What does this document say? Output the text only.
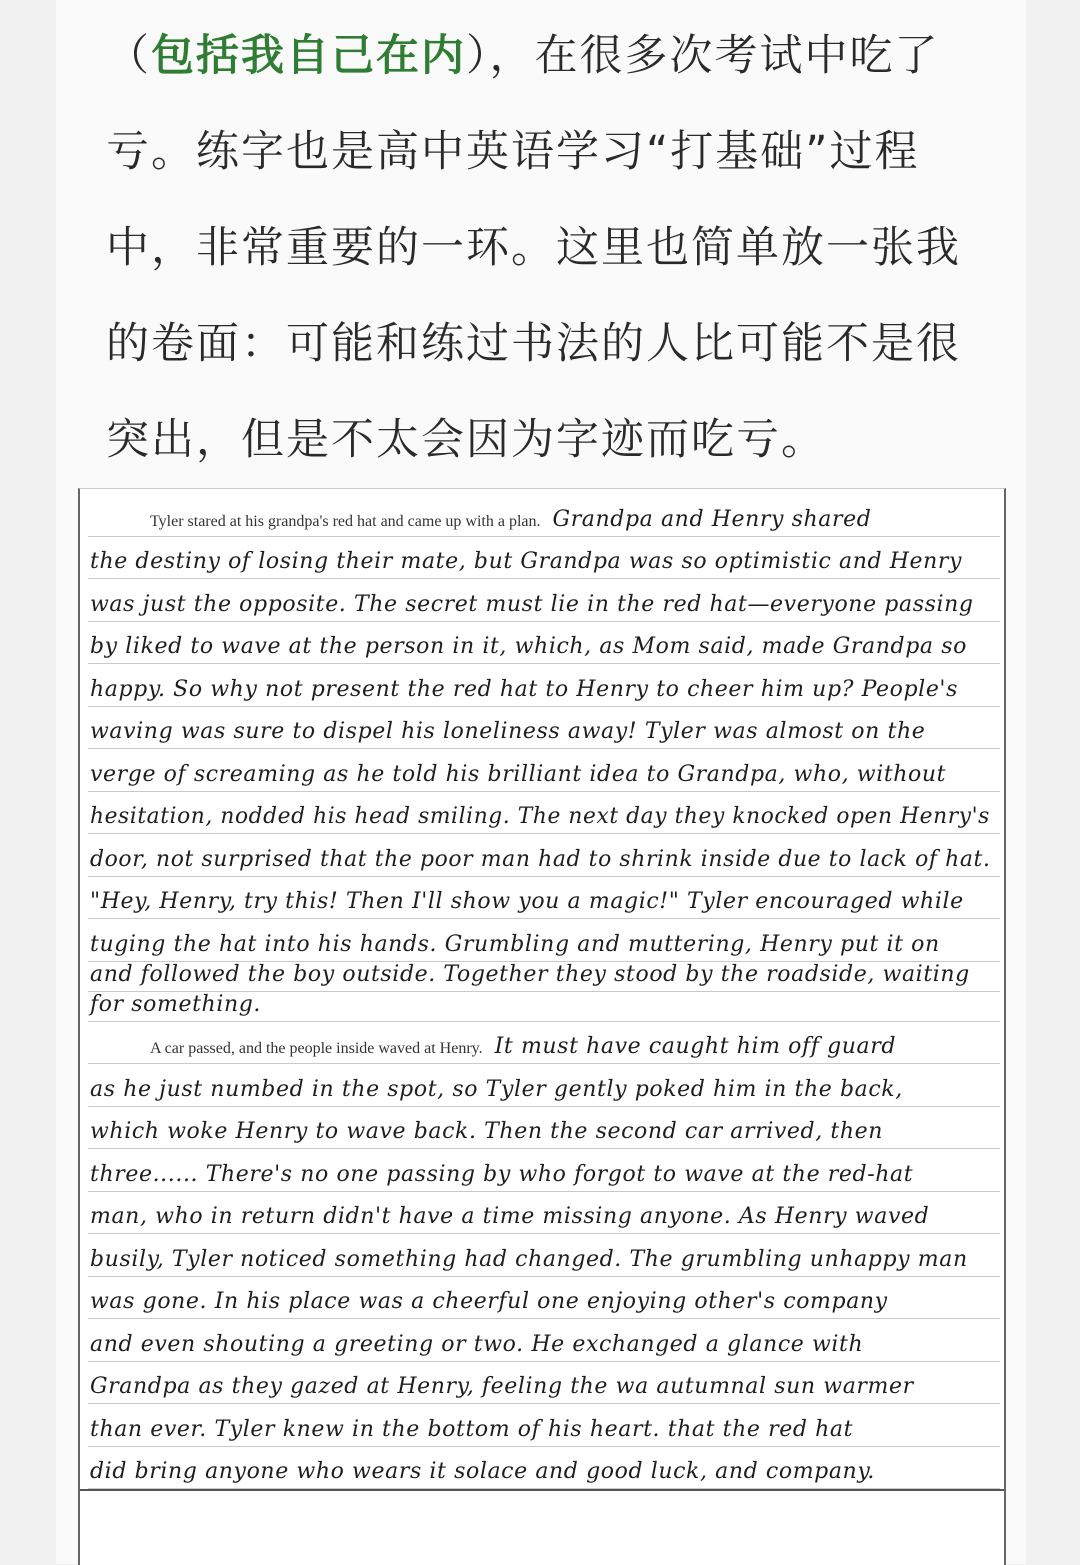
（包括我自己在内），在很多次考试中吃了
亏。练字也是高中英语学习“打基础”过程
中，非常重要的一环。这里也简单放一张我
的卷面：可能和练过书法的人比可能不是很
突出，但是不太会因为字迹而吃亏。
Tyler stared at his grandpa's red hat and came up with a plan. Grandpa and Henry shared
the destiny of losing their mate, but Grandpa was so optimistic and Henry
was just the opposite. The secret must lie in the red hat—everyone passing
by liked to wave at the person in it, which, as Mom said, made Grandpa so
happy. So why not present the red hat to Henry to cheer him up? People's
waving was sure to dispel his loneliness away! Tyler was almost on the
verge of screaming as he told his brilliant idea to Grandpa, who, without
hesitation, nodded his head smiling. The next day they knocked open Henry's
door, not surprised that the poor man had to shrink inside due to lack of hat.
"Hey, Henry, try this! Then I'll show you a magic!" Tyler encouraged while
tuging the hat into his hands. Grumbling and muttering, Henry put it on
and followed the boy outside. Together they stood by the roadside, waiting
for something.
A car passed, and the people inside waved at Henry. It must have caught him off guard
as he just numbed in the spot, so Tyler gently poked him in the back,
which woke Henry to wave back. Then the second car arrived, then
three...... There's no one passing by who forgot to wave at the red-hat
man, who in return didn't have a time missing anyone. As Henry waved
busily, Tyler noticed something had changed. The grumbling unhappy man
was gone. In his place was a cheerful one enjoying other's company
and even shouting a greeting or two. He exchanged a glance with
Grandpa as they gazed at Henry, feeling the wa autumnal sun warmer
than ever. Tyler knew in the bottom of his heart. that the red hat
did bring anyone who wears it solace and good luck, and company.
